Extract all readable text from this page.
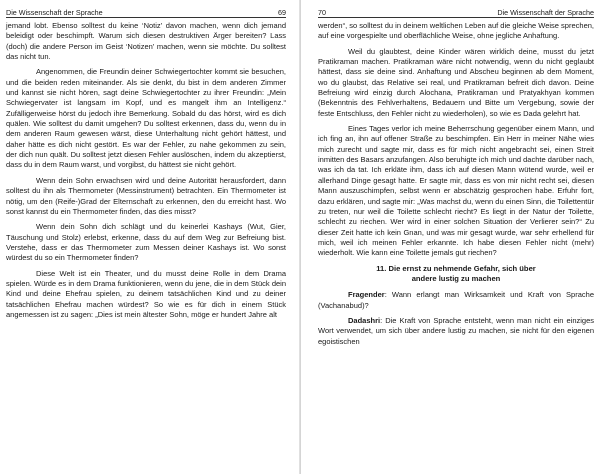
Die Wissenschaft der Sprache	69

jemand lobt. Ebenso solltest du keine ‘Notiz’ davon machen, wenn dich jemand beleidigt oder beschimpft. Warum sich diesen destruktiven Ärger bereiten? Lass (doch) die andere Person im Geist ‘Notizen’ machen, wenn sie möchte. Du solltest das nicht tun.

Angenommen, die Freundin deiner Schwiegertochter kommt sie besuchen, und die beiden reden miteinander. Als sie denkt, du bist in dem anderen Zimmer und kannst sie nicht hören, sagt deine Schwiegertochter zu ihrer Freundin: „Mein Schwiegervater ist langsam im Kopf, und es mangelt ihm an Intelligenz.“ Zufälligerweise hörst du jedoch ihre Bemerkung. Sobald du das hörst, wird es dich quälen. Wie solltest du damit umgehen? Du solltest erkennen, dass du, wenn du in dem anderen Raum gewesen wärst, diese Unterhaltung nicht gehört hättest, und daher hätte es dich nicht gestört. Es war der Fehler, zu nahe gekommen zu sein, der dich nun quält. Du solltest jetzt diesen Fehler auslöschen, indem du akzeptierst, dass du in dem Raum warst, und vorgibst, du hättest sie nicht gehört.

Wenn dein Sohn erwachsen wird und deine Autorität herausfordert, dann solltest du ihn als Thermometer (Messinstrument) betrachten. Ein Thermometer ist nötig, um den (Reife-)Grad der Elternschaft zu erkennen, den du erreicht hast. Wo sonst kannst du ein Thermometer finden, das dies misst?

Wenn dein Sohn dich schlägt und du keinerlei Kashays (Wut, Gier, Täuschung und Stolz) erlebst, erkenne, dass du auf dem Weg zur Befreiung bist. Verstehe, dass er das Thermometer zum Messen deiner Kashays ist. Wo sonst würdest du so ein Thermometer finden?

Diese Welt ist ein Theater, und du musst deine Rolle in dem Drama spielen. Würde es in dem Drama funktionieren, wenn du jene, die in dem Stück dein Kind und deine Ehefrau spielen, zu deinem tatsächlichen Kind und zu deiner tatsächlichen Ehefrau machen würdest? So wie es für dich in einem Stück angemessen ist zu sagen: „Dies ist mein ältester Sohn, möge er hundert Jahre alt

70	Die Wissenschaft der Sprache

werden“, so solltest du in deinem weltlichen Leben auf die gleiche Weise sprechen, auf eine vorgespielte und oberflächliche Weise, ohne jegliche Anhaftung.

Weil du glaubtest, deine Kinder wären wirklich deine, musst du jetzt Pratikraman machen. Pratikraman wäre nicht notwendig, wenn du nicht geglaubt hättest, dass sie deine sind. Anhaftung und Abscheu beginnen ab dem Moment, wo du glaubst, das Relative sei real, und Pratikraman befreit dich davon. Deine Befreiung wird einzig durch Alochana, Pratikraman und Pratyakhyan kommen (Bekenntnis des Fehlverhaltens, Bedauern und Bitte um Vergebung, sowie der feste Entschluss, den Fehler nicht zu wiederholen), so wie es Dada gelehrt hat.

Eines Tages verlor ich meine Beherrschung gegenüber einem Mann, und ich fing an, ihn auf offener Straße zu beschimpfen. Ein Herr in meiner Nähe wies mich zurecht und sagte mir, dass es für mich nicht angebracht sei, einen Streit inmitten des Basars anzufangen. Also beruhigte ich mich und dachte darüber nach, was ich da tat. Ich erkläte ihm, dass ich auf diesen Mann wütend wurde, weil er allerhand Dinge gesagt hatte. Er sagte mir, dass es von mir nicht recht sei, diesen Mann auszuschimpfen, selbst wenn er abschätzig gesprochen habe. Erfuhr fort, dazu erklären, und sagte mir: „Was machst du, wenn du einen Sinn, die Toilettentür zu treten, nur weil die Toilette schlecht riecht? Es liegt in der Natur der Toilette, schlecht zu riechen. Wer wird in einer solchen Situation der Verlierer sein?“ Zu dieser Zeit hatte ich kein Gnan, und was mir gesagt wurde, war sehr erhellend für mich, weil ich meinen Fehler erkannte. Ich habe diesen Fehler nicht (mehr) wiederholt. Wie kann eine Toilette jemals gut riechen?

11. Die ernst zu nehmende Gefahr, sich über
andere lustig zu machen

Fragender: Wann erlangt man Wirksamkeit und Kraft von Sprache (Vachanabud)?

Dadashri: Die Kraft von Sprache entsteht, wenn man nicht ein einziges Wort verwendet, um sich über andere lustig zu machen, sie nicht für den eigenen egoistischen
